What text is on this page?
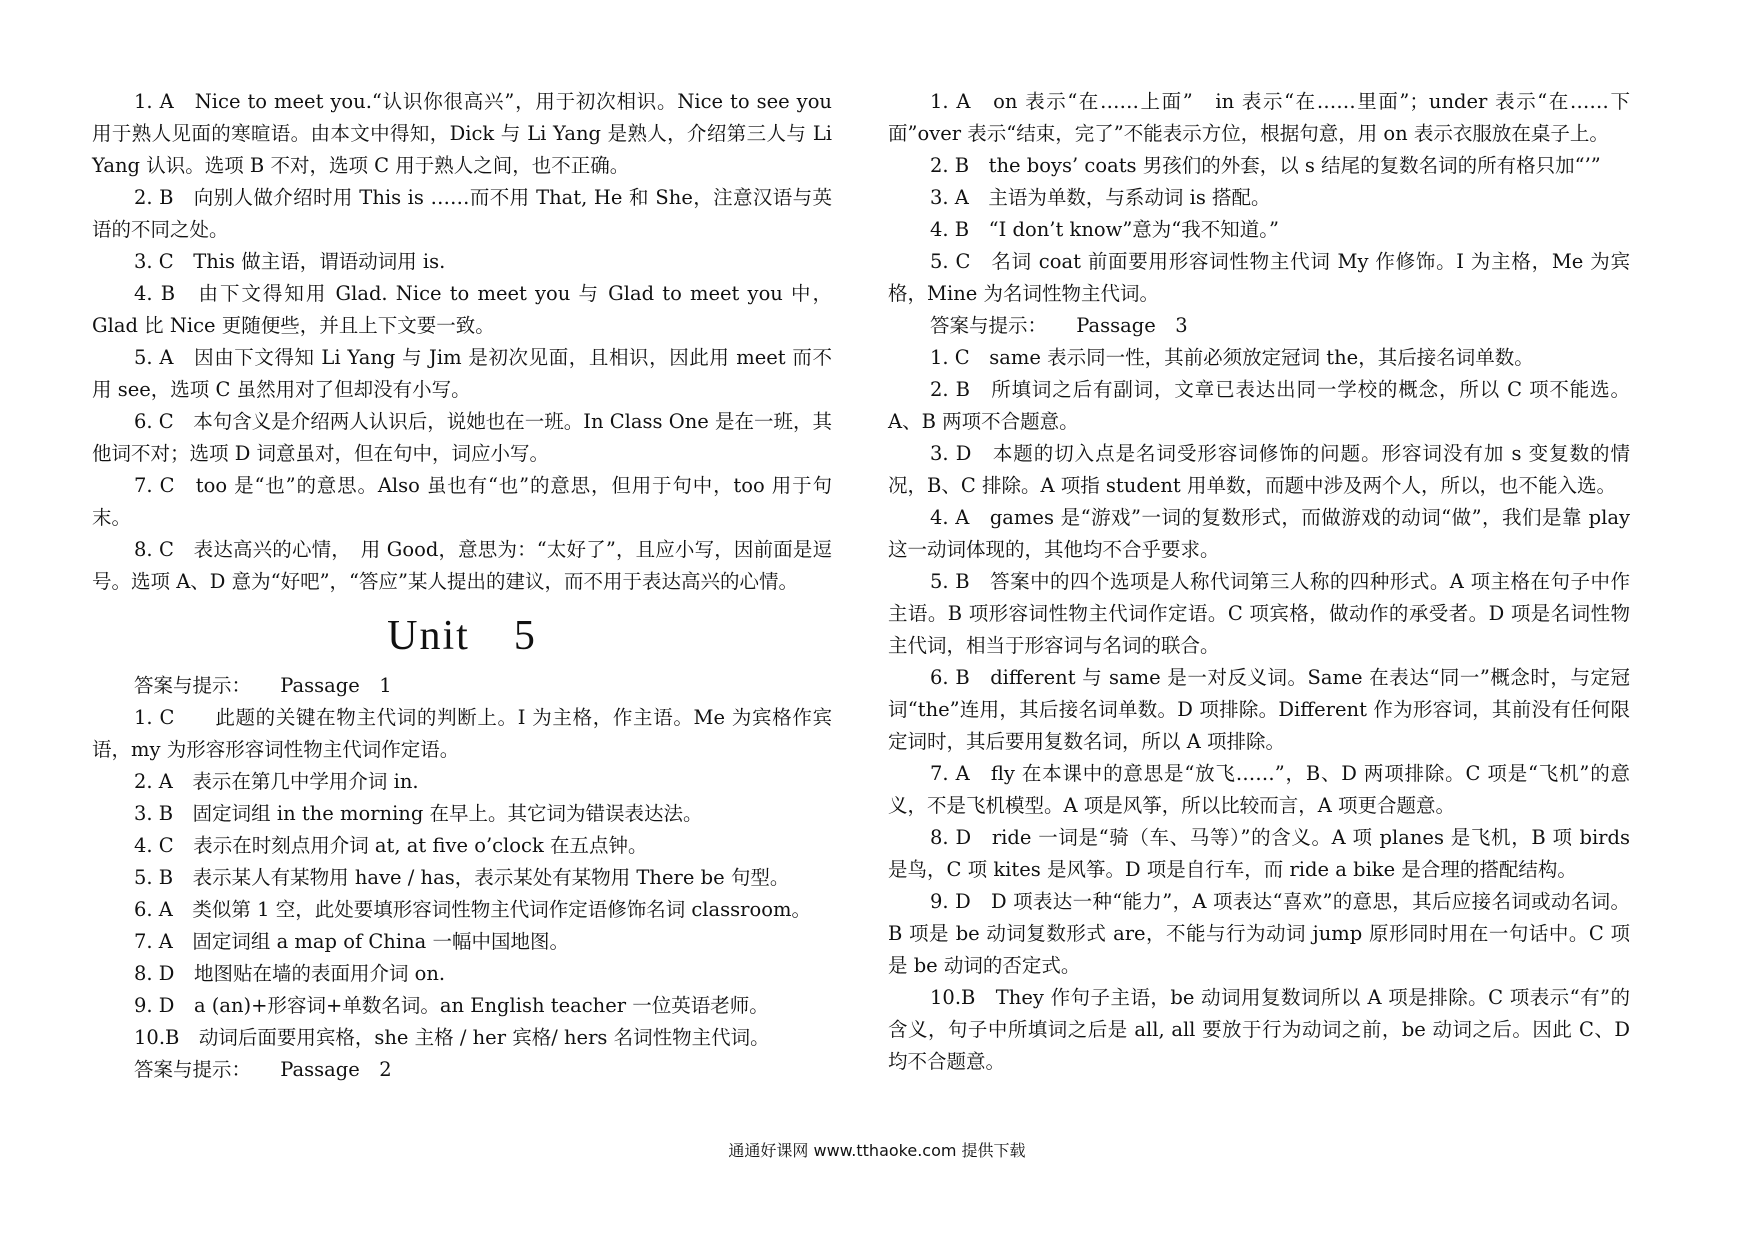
1. A　Nice to meet you.“认识你很高兴”，用于初次相识。Nice to see you 用于熟人见面的寒暄语。由本文中得知，Dick 与 Li Yang 是熟人，介绍第三人与 Li Yang 认识。选项 B 不对，选项 C 用于熟人之间，也不正确。

2. B　向别人做介绍时用 This is ……而不用 That, He 和 She，注意汉语与英语的不同之处。

3. C　This 做主语，谓语动词用 is.

4. B　由下文得知用 Glad. Nice to meet you 与 Glad to meet you 中，Glad 比 Nice 更随便些，并且上下文要一致。

5. A　因由下文得知 Li Yang 与 Jim 是初次见面，且相识，因此用 meet 而不用 see，选项 C 虽然用对了但却没有小写。

6. C　本句含义是介绍两人认识后，说她也在一班。In Class One 是在一班，其他词不对；选项 D 词意虽对，但在句中，词应小写。

7. C　too 是“也”的意思。Also 虽也有“也”的意思，但用于句中，too 用于句末。

8. C　表达高兴的心情，　用 Good，意思为：“太好了”，且应小写，因前面是逗号。选项 A、D 意为“好吧”，“答应”某人提出的建议，而不用于表达高兴的心情。

Unit　5

答案与提示：　　Passage　1

1. C　　此题的关键在物主代词的判断上。I 为主格，作主语。Me 为宾格作宾语，my 为形容形容词性物主代词作定语。

2. A　表示在第几中学用介词 in.

3. B　固定词组 in the morning 在早上。其它词为错误表达法。

4. C　表示在时刻点用介词 at, at five o’clock 在五点钟。

5. B　表示某人有某物用 have / has，表示某处有某物用 There be 句型。

6. A　类似第 1 空，此处要填形容词性物主代词作定语修饰名词 classroom。

7. A　固定词组 a map of China 一幅中国地图。

8. D　地图贴在墙的表面用介词 on.

9. D　a (an)+形容词+单数名词。an English teacher 一位英语老师。

10.B　动词后面要用宾格，she 主格 / her 宾格/ hers 名词性物主代词。

答案与提示：　　Passage　2

1. A　on 表示“在……上面”　in 表示“在……里面”；under 表示“在……下面”over 表示“结束，完了”不能表示方位，根据句意，用 on 表示衣服放在桌子上。

2. B　the boys’ coats 男孩们的外套，以 s 结尾的复数名词的所有格只加“’”

3. A　主语为单数，与系动词 is 搭配。

4. B　“I don’t know”意为“我不知道。”

5. C　名词 coat 前面要用形容词性物主代词 My 作修饰。I 为主格，Me 为宾格，Mine 为名词性物主代词。

答案与提示：　　Passage　3

1. C　same 表示同一性，其前必须放定冠词 the，其后接名词单数。

2. B　所填词之后有副词，文章已表达出同一学校的概念，所以 C 项不能选。A、B 两项不合题意。

3. D　本题的切入点是名词受形容词修饰的问题。形容词没有加 s 变复数的情况，B、C 排除。A 项指 student 用单数，而题中涉及两个人，所以，也不能入选。

4. A　games 是“游戏”一词的复数形式，而做游戏的动词“做”，我们是靠 play 这一动词体现的，其他均不合乎要求。

5. B　答案中的四个选项是人称代词第三人称的四种形式。A 项主格在句子中作主语。B 项形容词性物主代词作定语。C 项宾格，做动作的承受者。D 项是名词性物主代词，相当于形容词与名词的联合。

6. B　different 与 same 是一对反义词。Same 在表达“同一”概念时，与定冠词“the”连用，其后接名词单数。D 项排除。Different 作为形容词，其前没有任何限定词时，其后要用复数名词，所以 A 项排除。

7. A　fly 在本课中的意思是“放飞……”，B、D 两项排除。C 项是“飞机”的意义，不是飞机模型。A 项是风筝，所以比较而言，A 项更合题意。

8. D　ride 一词是“骑（车、马等）”的含义。A 项 planes 是飞机，B 项 birds 是鸟，C 项 kites 是风筝。D 项是自行车，而 ride a bike 是合理的搭配结构。

9. D　D 项表达一种“能力”，A 项表达“喜欢”的意思，其后应接名词或动名词。B 项是 be 动词复数形式 are，不能与行为动词 jump 原形同时用在一句话中。C 项是 be 动词的否定式。

10.B　They 作句子主语，be 动词用复数词所以 A 项是排除。C 项表示“有”的含义，句子中所填词之后是 all, all 要放于行为动词之前，be 动词之后。因此 C、D 均不合题意。

通通好课网 www.tthaoke.com 提供下载
